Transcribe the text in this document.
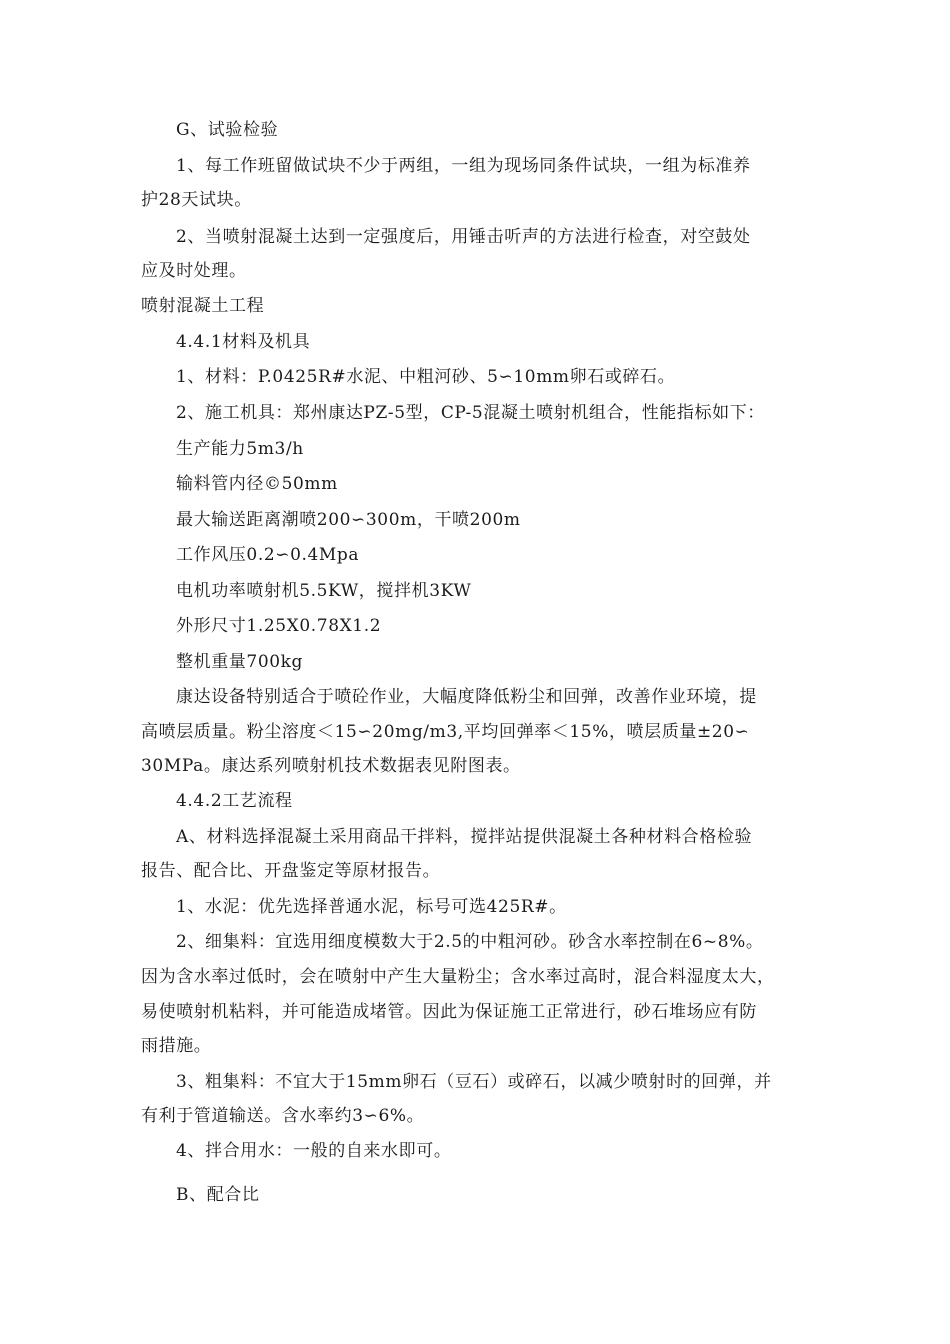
G、试验检验
1、每工作班留做试块不少于两组，一组为现场同条件试块，一组为标准养
护28天试块。
2、当喷射混凝土达到一定强度后，用锤击听声的方法进行检查，对空鼓处
应及时处理。
喷射混凝土工程
4.4.1材料及机具
1、材料：P.0425R#水泥、中粗河砂、5∽10mm卵石或碎石。
2、施工机具：郑州康达PZ-5型，CP-5混凝土喷射机组合，性能指标如下：
生产能力5m3/h
输料管内径©50mm
最大输送距离潮喷200∽300m，干喷200m
工作风压0.2∽0.4Mpa
电机功率喷射机5.5KW，搅拌机3KW
外形尺寸1.25X0.78X1.2
整机重量700kg
康达设备特别适合于喷砼作业，大幅度降低粉尘和回弹，改善作业环境，提
高喷层质量。粉尘溶度＜15∽20mg/m3,平均回弹率＜15%，喷层质量±20∽
30MPa。康达系列喷射机技术数据表见附图表。
4.4.2工艺流程
A、材料选择混凝土采用商品干拌料，搅拌站提供混凝土各种材料合格检验
报告、配合比、开盘鉴定等原材报告。
1、水泥：优先选择普通水泥，标号可选425R#。
2、细集料：宜选用细度模数大于2.5的中粗河砂。砂含水率控制在6~8%。
因为含水率过低时，会在喷射中产生大量粉尘；含水率过高时，混合料湿度太大，
易使喷射机粘料，并可能造成堵管。因此为保证施工正常进行，砂石堆场应有防
雨措施。
3、粗集料：不宜大于15mm卵石（豆石）或碎石，以减少喷射时的回弹，并
有利于管道输送。含水率约3∽6%。
4、拌合用水：一般的自来水即可。
B、配合比
